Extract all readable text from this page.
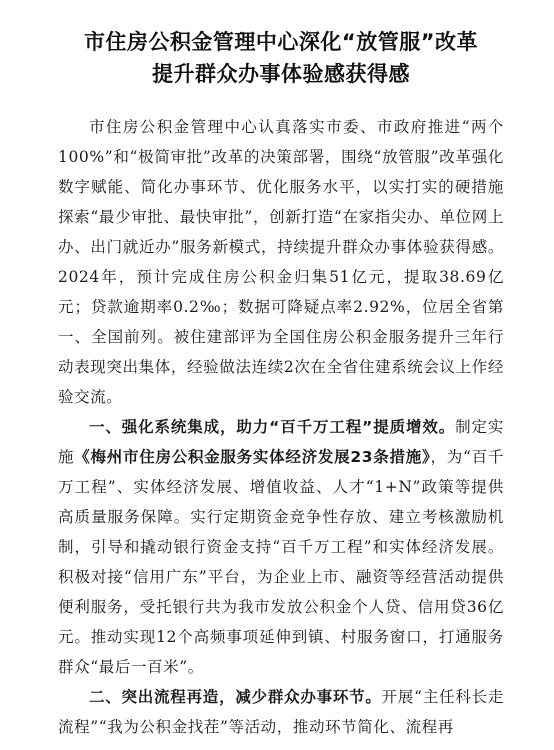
市住房公积金管理中心深化“放管服”改革
提升群众办事体验感获得感

市住房公积金管理中心认真落实市委、市政府推进“两个100%”和“极简审批”改革的决策部署，围绕“放管服”改革强化数字赋能、简化办事环节、优化服务水平，以实打实的硬措施探索“最少审批、最快审批”，创新打造“在家指尖办、单位网上办、出门就近办”服务新模式，持续提升群众办事体验获得感。2024年，预计完成住房公积金归集51亿元，提取38.69亿元；贷款逾期率0.2‰；数据可降疑点率2.92%，位居全省第一、全国前列。被住建部评为全国住房公积金服务提升三年行动表现突出集体，经验做法连续2次在全省住建系统会议上作经验交流。

一、强化系统集成，助力“百千万工程”提质增效。制定实施《梅州市住房公积金服务实体经济发展23条措施》，为“百千万工程”、实体经济发展、增值收益、人才“1+N”政策等提供高质量服务保障。实行定期资金竞争性存放、建立考核激励机制，引导和撬动银行资金支持“百千万工程”和实体经济发展。积极对接“信用广东”平台，为企业上市、融资等经营活动提供便利服务，受托银行共为我市发放公积金个人贷、信用贷36亿元。推动实现12个高频事项延伸到镇、村服务窗口，打通服务群众“最后一百米”。

二、突出流程再造，减少群众办事环节。开展“主任科长走流程”“我为公积金找茬”等活动，推动环节简化、流程再
